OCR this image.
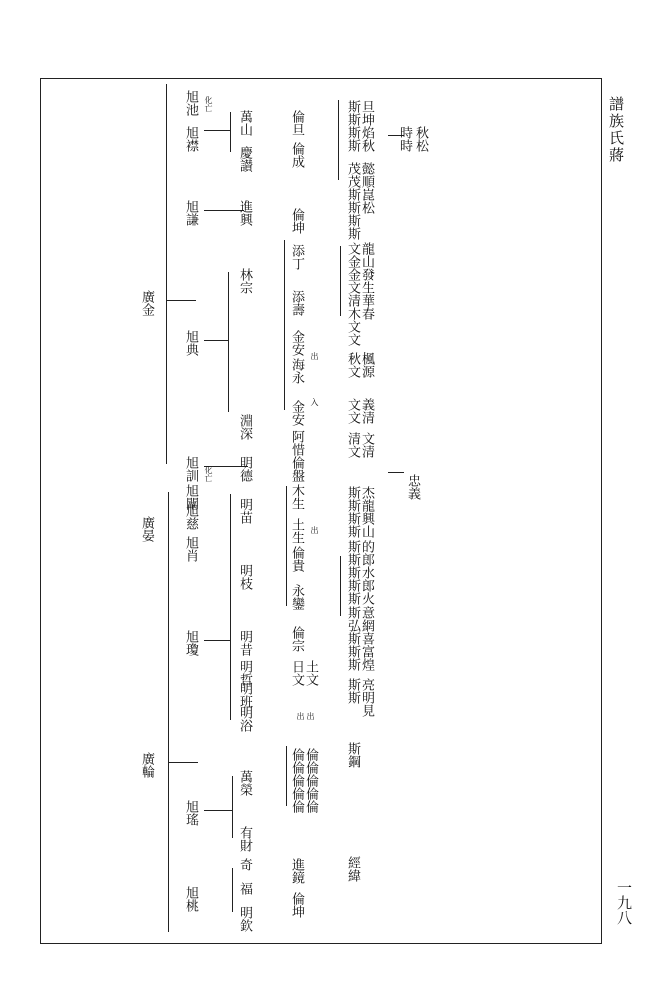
譜族氏蔣
一九八
廣金
廣晏
廣輪
旭池 化亡
旭襟
旭謙
旭典
旭訓 化亡
旭闡
旭慈
旭肖
旭瓊
旭瑤
旭桃
萬山
慶讃
進興
林宗
淵深
明德
明苗
明枝
明昔
明哲
明班
明浴
萬榮
有財
奇
福
明欽
倫旦
倫成
倫坤
添丁
添壽
金安 出
海永
金安 入
阿惜
倫盤
木生
土生 出
倫貴
永鑾
倫宗
日文 土文
出 出
倫倫倫倫倫 倫倫倫倫倫
進鏡
倫坤
斯斯斯斯 旦坤焰秋
茂茂斯斯斯斯 懿順崑松
文金金文 龍山發生
清木文文 華春
秋文 楓源
文文 義清
清文 文清
斯斯斯斯 杰龍興山
斯斯斯斯斯 的郎水郎火
斯弘斯斯斯 意網喜富煌
斯斯 亮明見
斯鋼
經緯
時時 秋松
忠義
